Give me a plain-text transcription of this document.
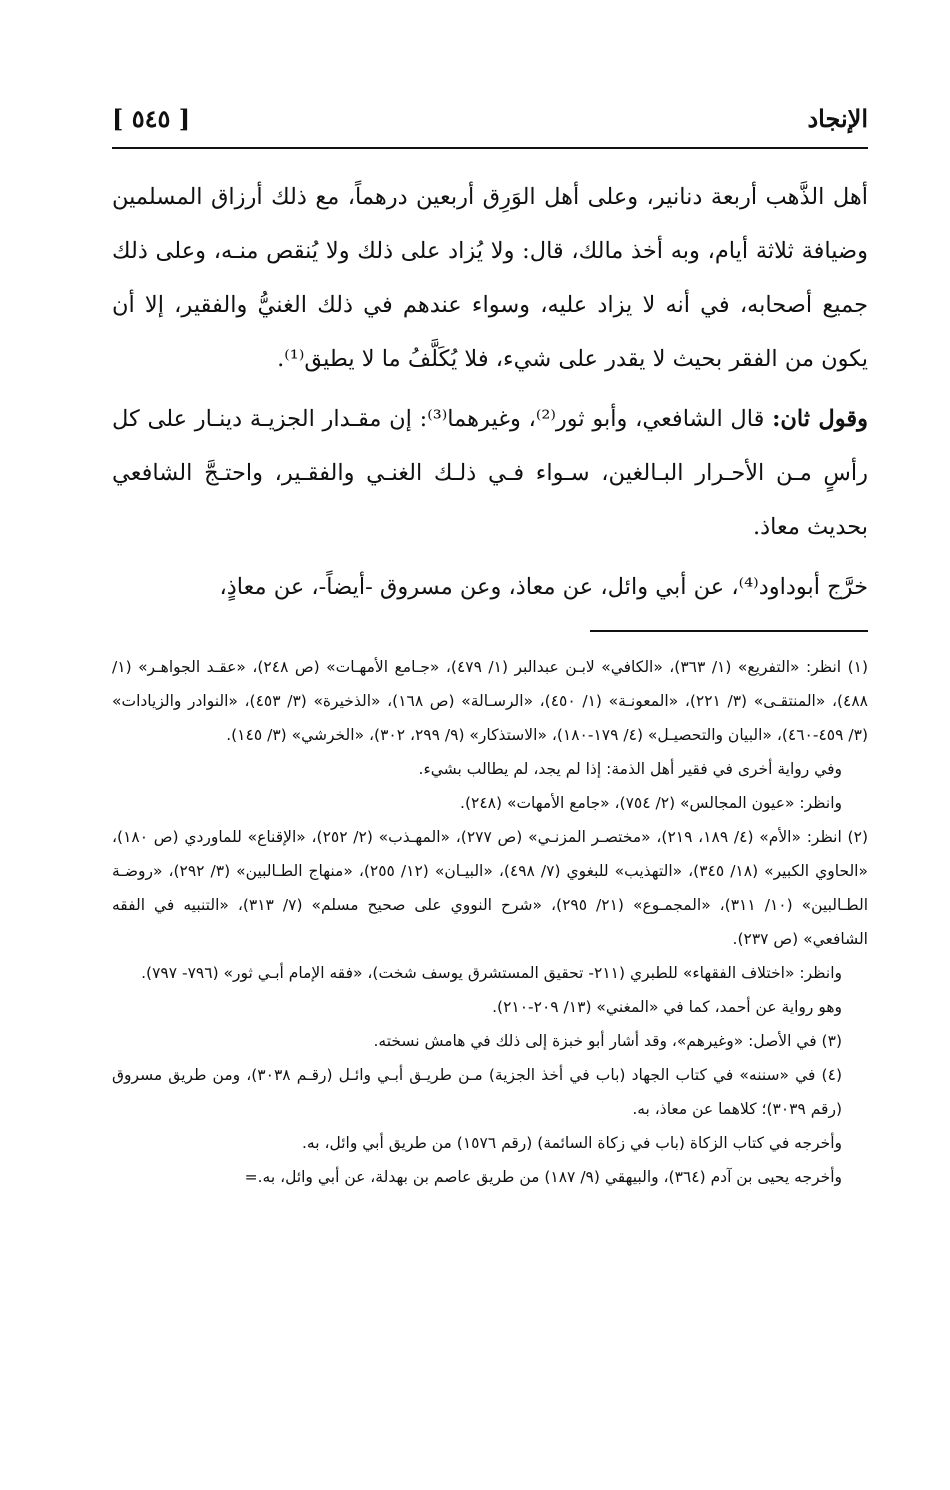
الإنجاد
[ ٥٤٥ ]

أهل الذَّهب أربعة دنانير، وعلى أهل الوَرِق أربعين درهماً، مع ذلك أرزاق المسلمين وضيافة ثلاثة أيام، وبه أخذ مالك، قال: ولا يُزاد على ذلك ولا يُنقص منـه، وعلى ذلك جميع أصحابه، في أنه لا يزاد عليه، وسواء عندهم في ذلك الغنيُّ والفقير، إلا أن يكون من الفقر بحيث لا يقدر على شيء، فلا يُكَلَّفُ ما لا يطيق⁽¹⁾.

وقول ثان: قال الشافعي، وأبو ثور⁽²⁾، وغيرهما⁽³⁾: إن مقـدار الجزيـة دينـار على كل رأسٍ مـن الأحـرار البـالغين، سـواء فـي ذلـك الغنـي والفقـير، واحتـجَّ الشافعي بحديث معاذ.

خرَّج أبوداود⁽⁴⁾، عن أبي وائل، عن معاذ، وعن مسروق -أيضاً-، عن معاذٍ،

(١) انظر: «التفريع» (١/ ٣٦٣)، «الكافي» لابـن عبدالبر (١/ ٤٧٩)، «جـامع الأمهـات» (ص ٢٤٨)، «عقـد الجواهـر» (١/ ٤٨٨)، «المنتقـى» (٣/ ٢٢١)، «المعونـة» (١/ ٤٥٠)، «الرسـالة» (ص ١٦٨)، «الذخيرة» (٣/ ٤٥٣)، «النوادر والزيادات» (٣/ ٤٥٩-٤٦٠)، «البيان والتحصيـل» (٤/ ١٧٩-١٨٠)، «الاستذكار» (٩/ ٢٩٩، ٣٠٢)، «الخرشي» (٣/ ١٤٥).

وفي رواية أخرى في فقير أهل الذمة: إذا لم يجد، لم يطالب بشيء.

وانظر: «عيون المجالس» (٢/ ٧٥٤)، «جامع الأمهات» (٢٤٨).

(٢) انظر: «الأم» (٤/ ١٨٩، ٢١٩)، «مختصـر المزنـي» (ص ٢٧٧)، «المهـذب» (٢/ ٢٥٢)، «الإقناع» للماوردي (ص ١٨٠)، «الحاوي الكبير» (١٨/ ٣٤٥)، «التهذيب» للبغوي (٧/ ٤٩٨)، «البيـان» (١٢/ ٢٥٥)، «منهاج الطـالبين» (٣/ ٢٩٢)، «روضـة الطـالبين» (١٠/ ٣١١)، «المجمـوع» (٢١/ ٢٩٥)، «شرح النووي على صحيح مسلم» (٧/ ٣١٣)، «التنبيه في الفقه الشافعي» (ص ٢٣٧).

وانظر: «اختلاف الفقهاء» للطبري (٢١١- تحقيق المستشرق يوسف شخت)، «فقه الإمام أبـي ثور» (٧٩٦- ٧٩٧).

وهو رواية عن أحمد، كما في «المغني» (١٣/ ٢٠٩-٢١٠).

(٣) في الأصل: «وغيرهم»، وقد أشار أبو خبزة إلى ذلك في هامش نسخته.

(٤) في «سننه» في كتاب الجهاد (باب في أخذ الجزية) مـن طريـق أبـي وائـل (رقـم ٣٠٣٨)، ومن طريق مسروق (رقم ٣٠٣٩)؛ كلاهما عن معاذ، به.

وأخرجه في كتاب الزكاة (باب في زكاة السائمة) (رقم ١٥٧٦) من طريق أبي وائل، به.

وأخرجه يحيى بن آدم (٣٦٤)، والبيهقي (٩/ ١٨٧) من طريق عاصم بن بهدلة، عن أبي وائل، به.=
